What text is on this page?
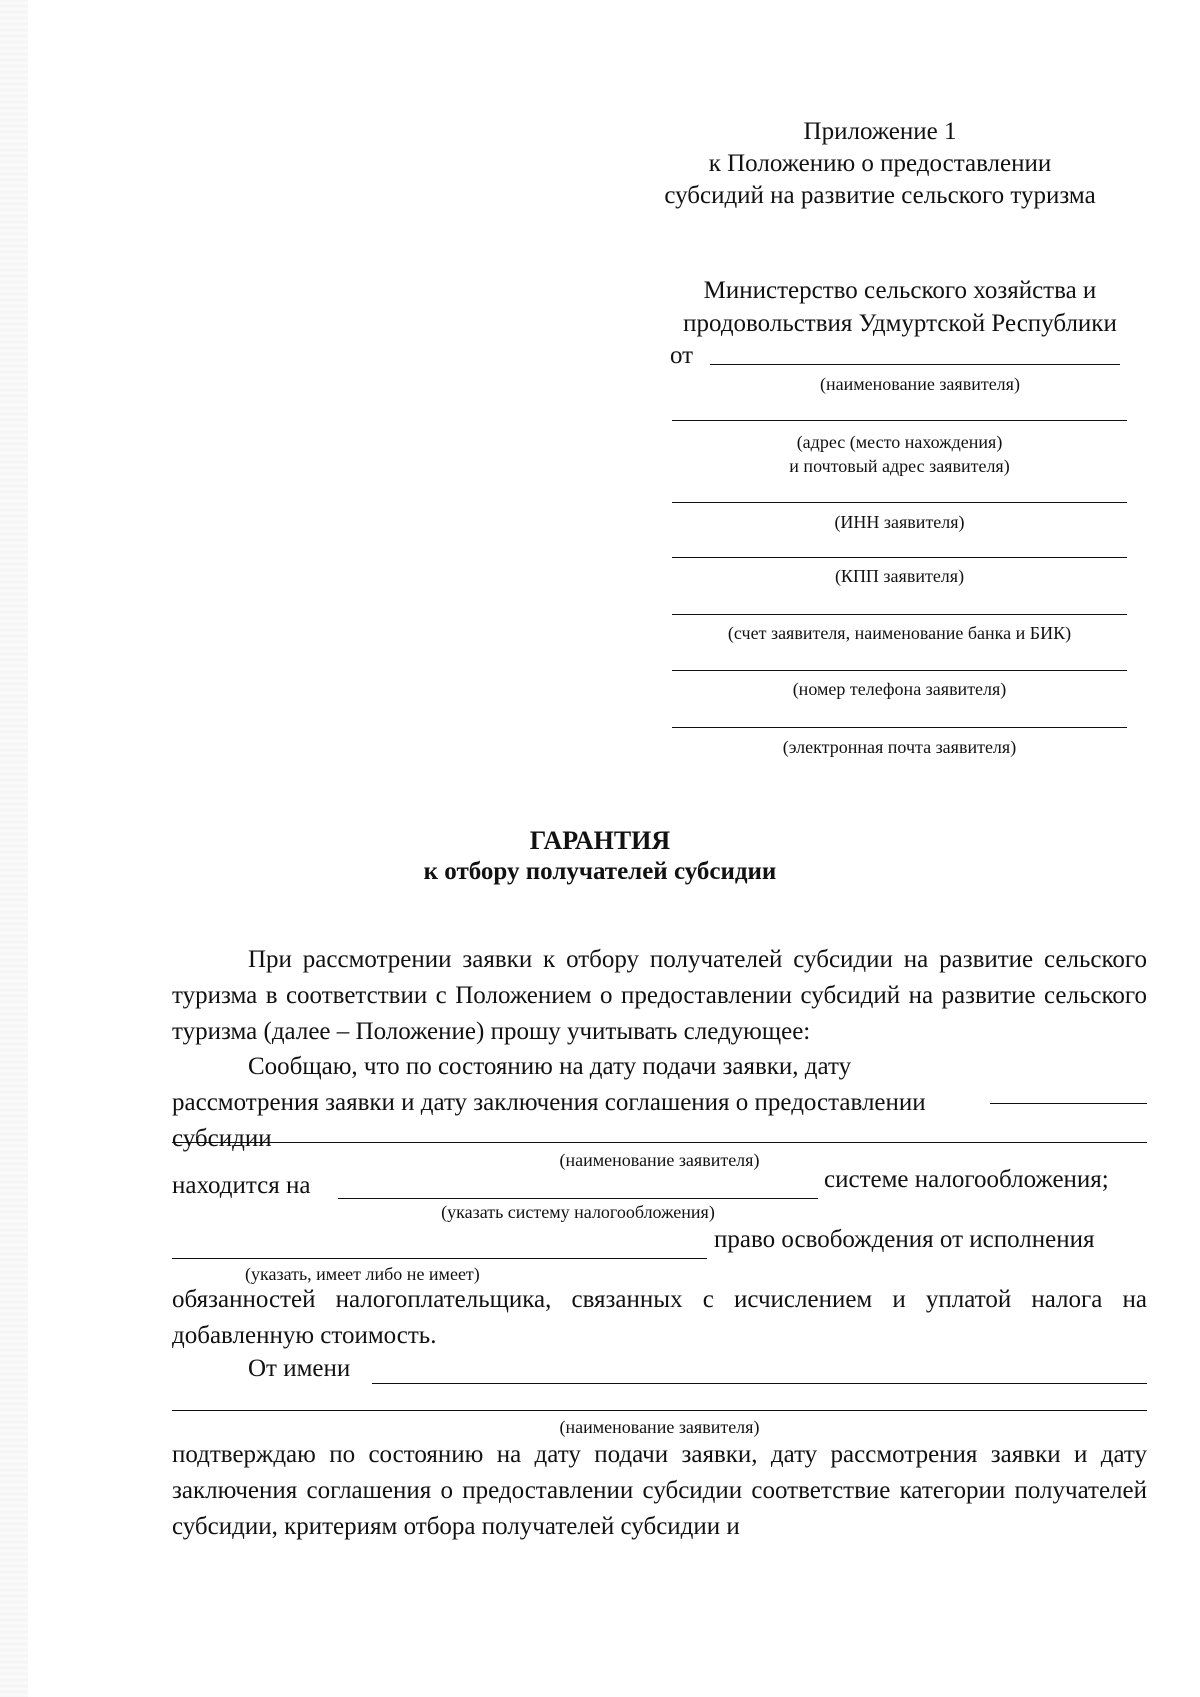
Приложение 1
к Положению о предоставлении
субсидий на развитие сельского туризма
Министерство сельского хозяйства и
продовольствия Удмуртской Республики
от
(наименование заявителя)
(адрес (место нахождения)
и почтовый адрес заявителя)
(ИНН заявителя)
(КПП заявителя)
(счет заявителя, наименование банка и БИК)
(номер телефона заявителя)
(электронная почта заявителя)
ГАРАНТИЯ
к отбору получателей субсидии

При рассмотрении заявки к отбору получателей субсидии на развитие сельского туризма в соответствии с Положением о предоставлении субсидий на развитие сельского туризма (далее – Положение) прошу учитывать следующее:

Сообщаю, что по состоянию на дату подачи заявки, дату рассмотрения заявки и дату заключения соглашения о предоставлении субсидии

(наименование заявителя)
находится на	системе налогообложения;
(указать систему налогообложения)
право освобождения от исполнения
(указать, имеет либо не имеет)

обязанностей налогоплательщика, связанных с исчислением и уплатой налога на добавленную стоимость.

От имени
(наименование заявителя)

подтверждаю по состоянию на дату подачи заявки, дату рассмотрения заявки и дату заключения соглашения о предоставлении субсидии соответствие категории получателей субсидии, критериям отбора получателей субсидии и
